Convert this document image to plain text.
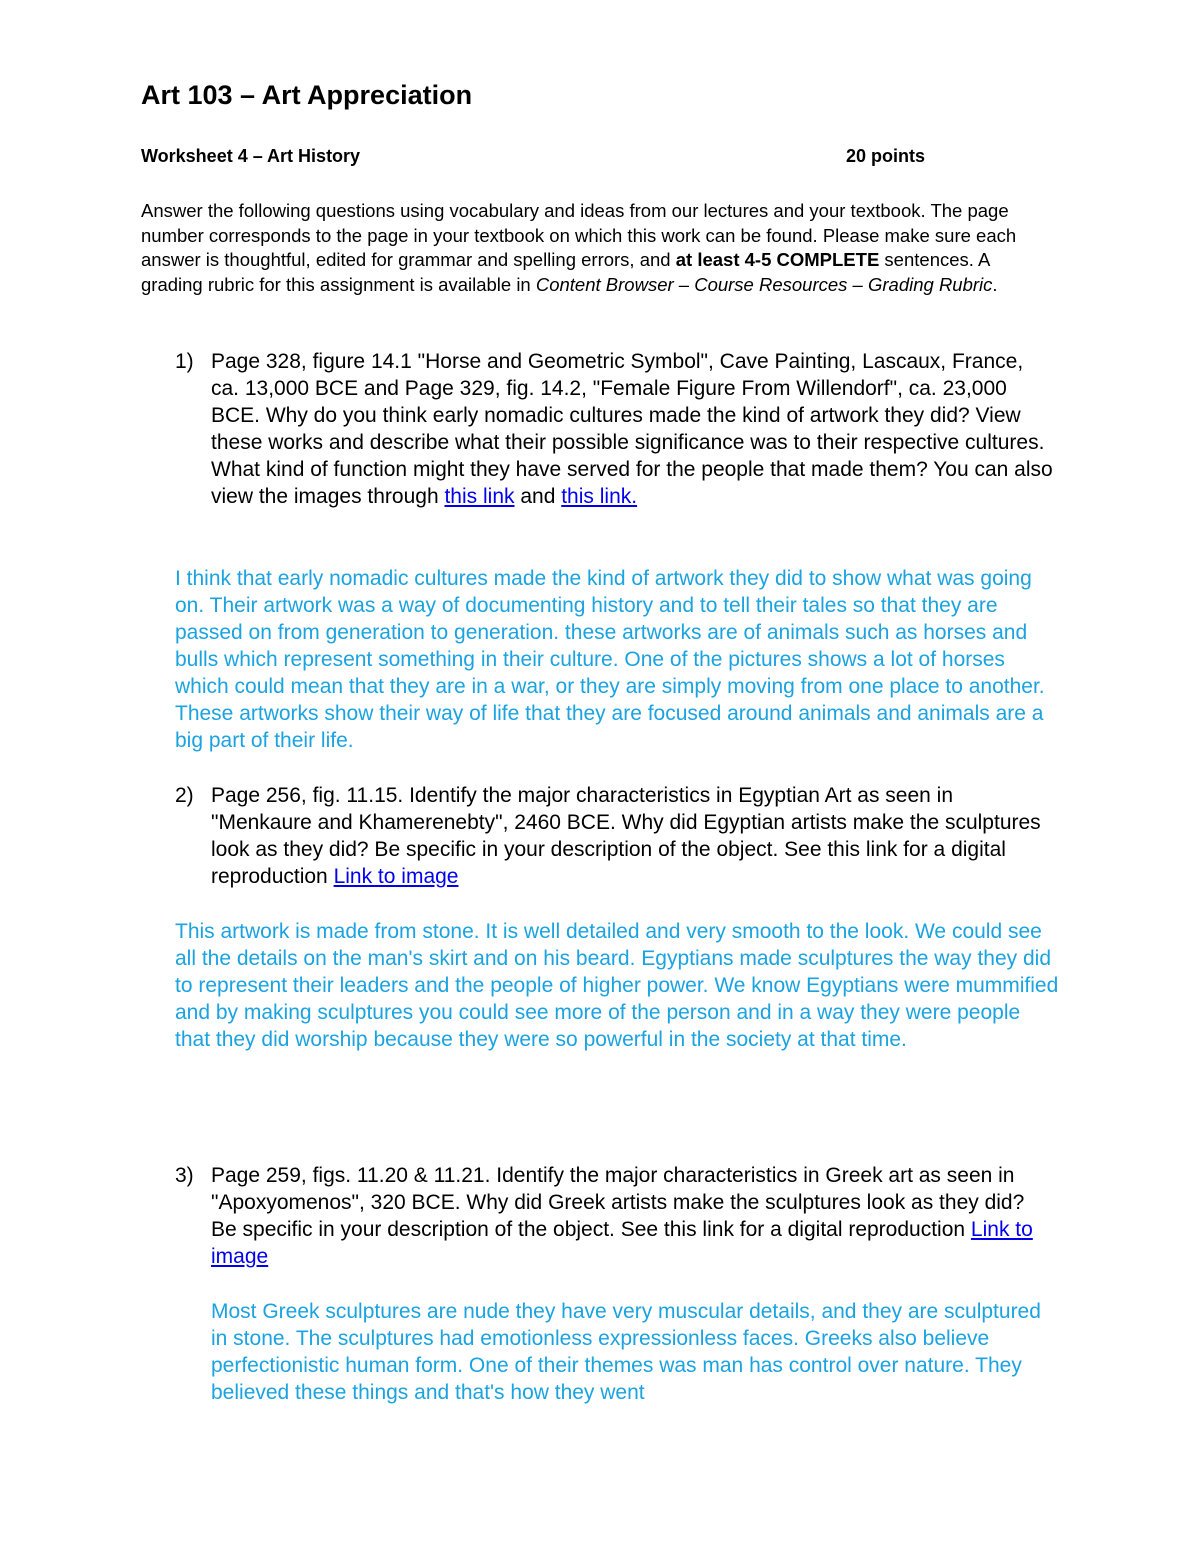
Art 103 – Art Appreciation
Worksheet 4 – Art History	20 points
Answer the following questions using vocabulary and ideas from our lectures and your textbook. The page number corresponds to the page in your textbook on which this work can be found. Please make sure each answer is thoughtful, edited for grammar and spelling errors, and at least 4-5 COMPLETE sentences. A grading rubric for this assignment is available in Content Browser – Course Resources – Grading Rubric.
1) Page 328, figure 14.1 "Horse and Geometric Symbol", Cave Painting, Lascaux, France, ca. 13,000 BCE and Page 329, fig. 14.2, "Female Figure From Willendorf", ca. 23,000 BCE. Why do you think early nomadic cultures made the kind of artwork they did? View these works and describe what their possible significance was to their respective cultures. What kind of function might they have served for the people that made them? You can also view the images through this link and this link.
I think that early nomadic cultures made the kind of artwork they did to show what was going on. Their artwork was a way of documenting history and to tell their tales so that they are passed on from generation to generation. these artworks are of animals such as horses and bulls which represent something in their culture. One of the pictures shows a lot of horses which could mean that they are in a war, or they are simply moving from one place to another. These artworks show their way of life that they are focused around animals and animals are a big part of their life.
2) Page 256, fig. 11.15. Identify the major characteristics in Egyptian Art as seen in "Menkaure and Khamerenebty", 2460 BCE. Why did Egyptian artists make the sculptures look as they did? Be specific in your description of the object. See this link for a digital reproduction Link to image
This artwork is made from stone. It is well detailed and very smooth to the look. We could see all the details on the man's skirt and on his beard. Egyptians made sculptures the way they did to represent their leaders and the people of higher power. We know Egyptians were mummified and by making sculptures you could see more of the person and in a way they were people that they did worship because they were so powerful in the society at that time.
3) Page 259, figs. 11.20 & 11.21. Identify the major characteristics in Greek art as seen in "Apoxyomenos", 320 BCE. Why did Greek artists make the sculptures look as they did? Be specific in your description of the object. See this link for a digital reproduction Link to image
Most Greek sculptures are nude they have very muscular details, and they are sculptured in stone. The sculptures had emotionless expressionless faces. Greeks also believe perfectionistic human form. One of their themes was man has control over nature. They believed these things and that's how they went
